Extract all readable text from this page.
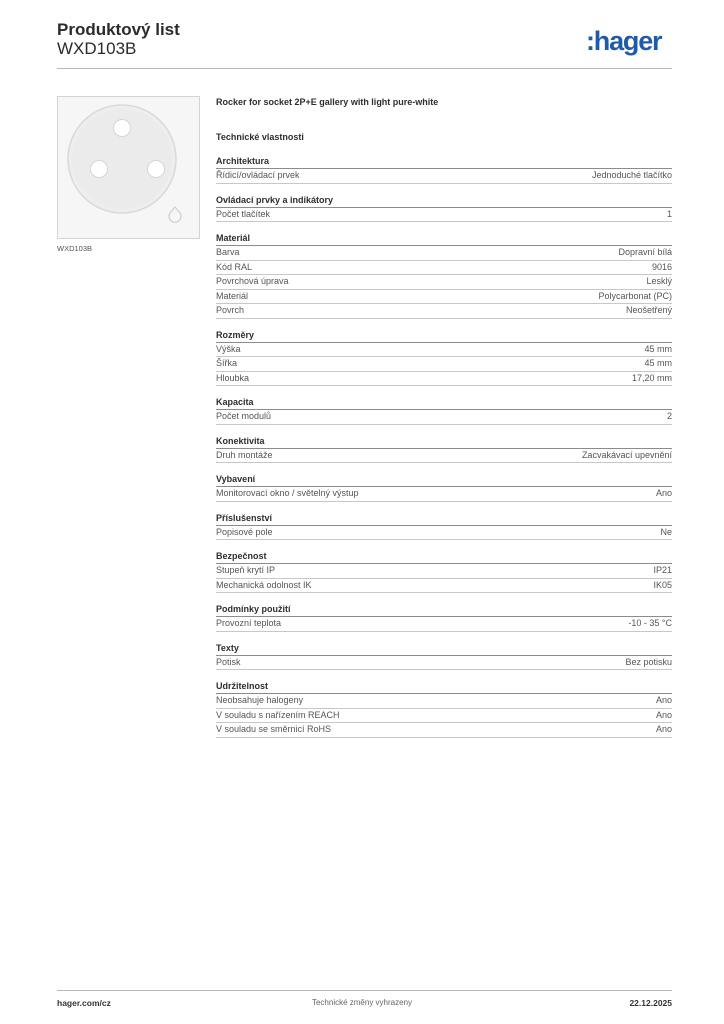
Produktový list
WXD103B	:hager
WXD103B
Rocker for socket 2P+E gallery with light pure-white
Technické vlastnosti
Architektura
Řídicí/ovládací prvek	Jednoduché tlačítko
Ovládací prvky a indikátory
Počet tlačítek	1
Materiál
Barva	Dopravní bílá
Kód RAL	9016
Povrchová úprava	Lesklý
Materiál	Polycarbonat (PC)
Povrch	Neošetřený
Rozměry
Výška	45 mm
Šířka	45 mm
Hloubka	17,20 mm
Kapacita
Počet modulů	2
Konektivita
Druh montáže	Zacvakávací upevnění
Vybavení
Monitorovací okno / světelný výstup	Ano
Příslušenství
Popisové pole	Ne
Bezpečnost
Stupeň krytí IP	IP21
Mechanická odolnost IK	IK05
Podmínky použití
Provozní teplota	-10 - 35 °C
Texty
Potisk	Bez potisku
Udržitelnost
Neobsahuje halogeny	Ano
V souladu s nařízením REACH	Ano
V souladu se směrnicí RoHS	Ano
hager.com/cz	Technické změny vyhrazeny	22.12.2025
